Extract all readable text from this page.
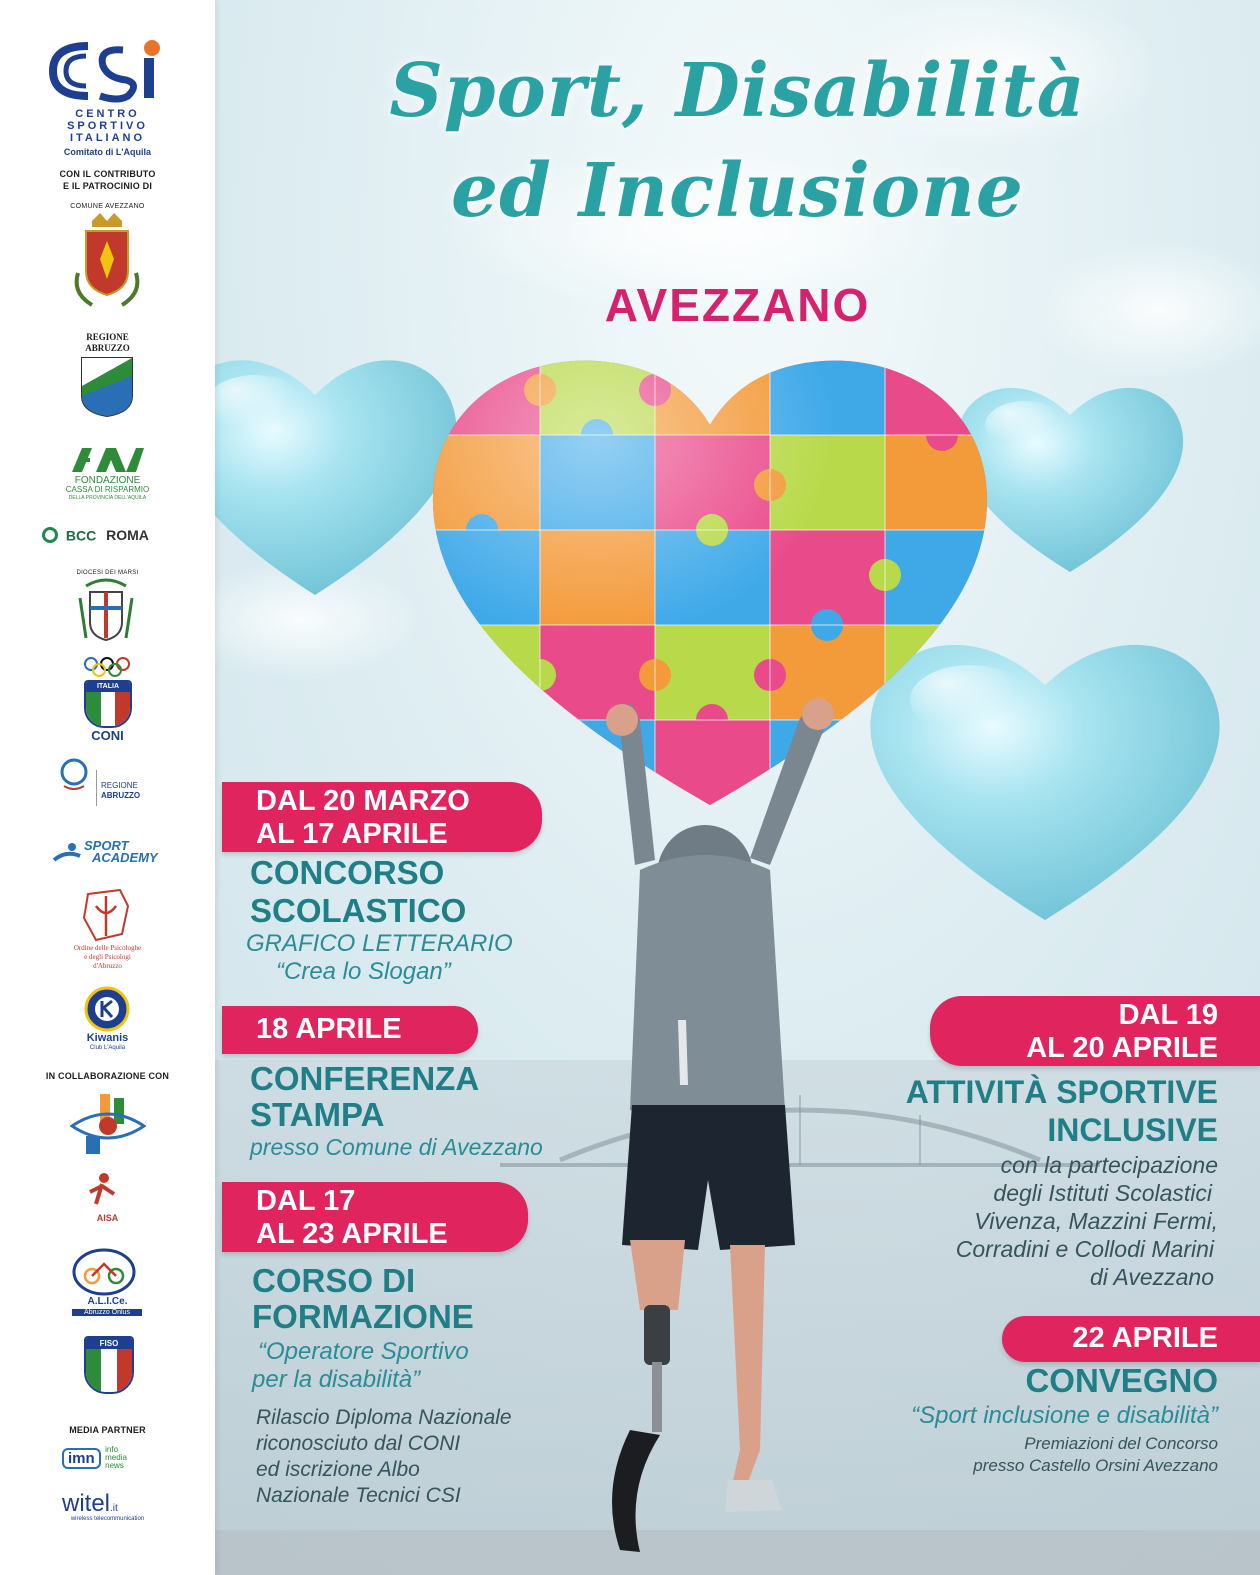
Sport, Disabilità
ed Inclusione
AVEZZANO
DAL 20 MARZO
AL 17 APRILE
CONCORSO
SCOLASTICO
GRAFICO LETTERARIO
“Crea lo Slogan”
18 APRILE
CONFERENZA
STAMPA
presso Comune di Avezzano
DAL 17
AL 23 APRILE
CORSO DI
FORMAZIONE
“Operatore Sportivo
per la disabilità”
Rilascio Diploma Nazionale
riconosciuto dal CONI
ed iscrizione Albo
Nazionale Tecnici CSI
DAL 19
AL 20 APRILE
ATTIVITÀ SPORTIVE
INCLUSIVE
con la partecipazione
degli Istituti Scolastici
Vivenza, Mazzini Fermi,
Corradini e Collodi Marini
di Avezzano
22 APRILE
CONVEGNO
“Sport inclusione e disabilità”
Premiazioni del Concorso
presso Castello Orsini Avezzano
CENTRO
SPORTIVO
ITALIANO
Comitato di L'Aquila
CON IL CONTRIBUTO
E IL PATROCINIO DI
COMUNE AVEZZANO
REGIONE
ABRUZZO
FONDAZIONE
CASSA DI RISPARMIO
DELLA PROVINCIA DELL'AQUILA
BCC ROMA
DIOCESI DEI MARSI
ITALIA
CONI
REGIONE
ABRUZZO
SPORT
ACADEMY
Ordine delle Psicologhe
e degli Psicologi
d'Abruzzo
Kiwanis
Club L'Aquila
IN COLLABORAZIONE CON
AISA
A.L.I.Ce.
Abruzzo Onlus
FISO
MEDIA PARTNER
imn info media news
witel.it
wireless telecommunication
